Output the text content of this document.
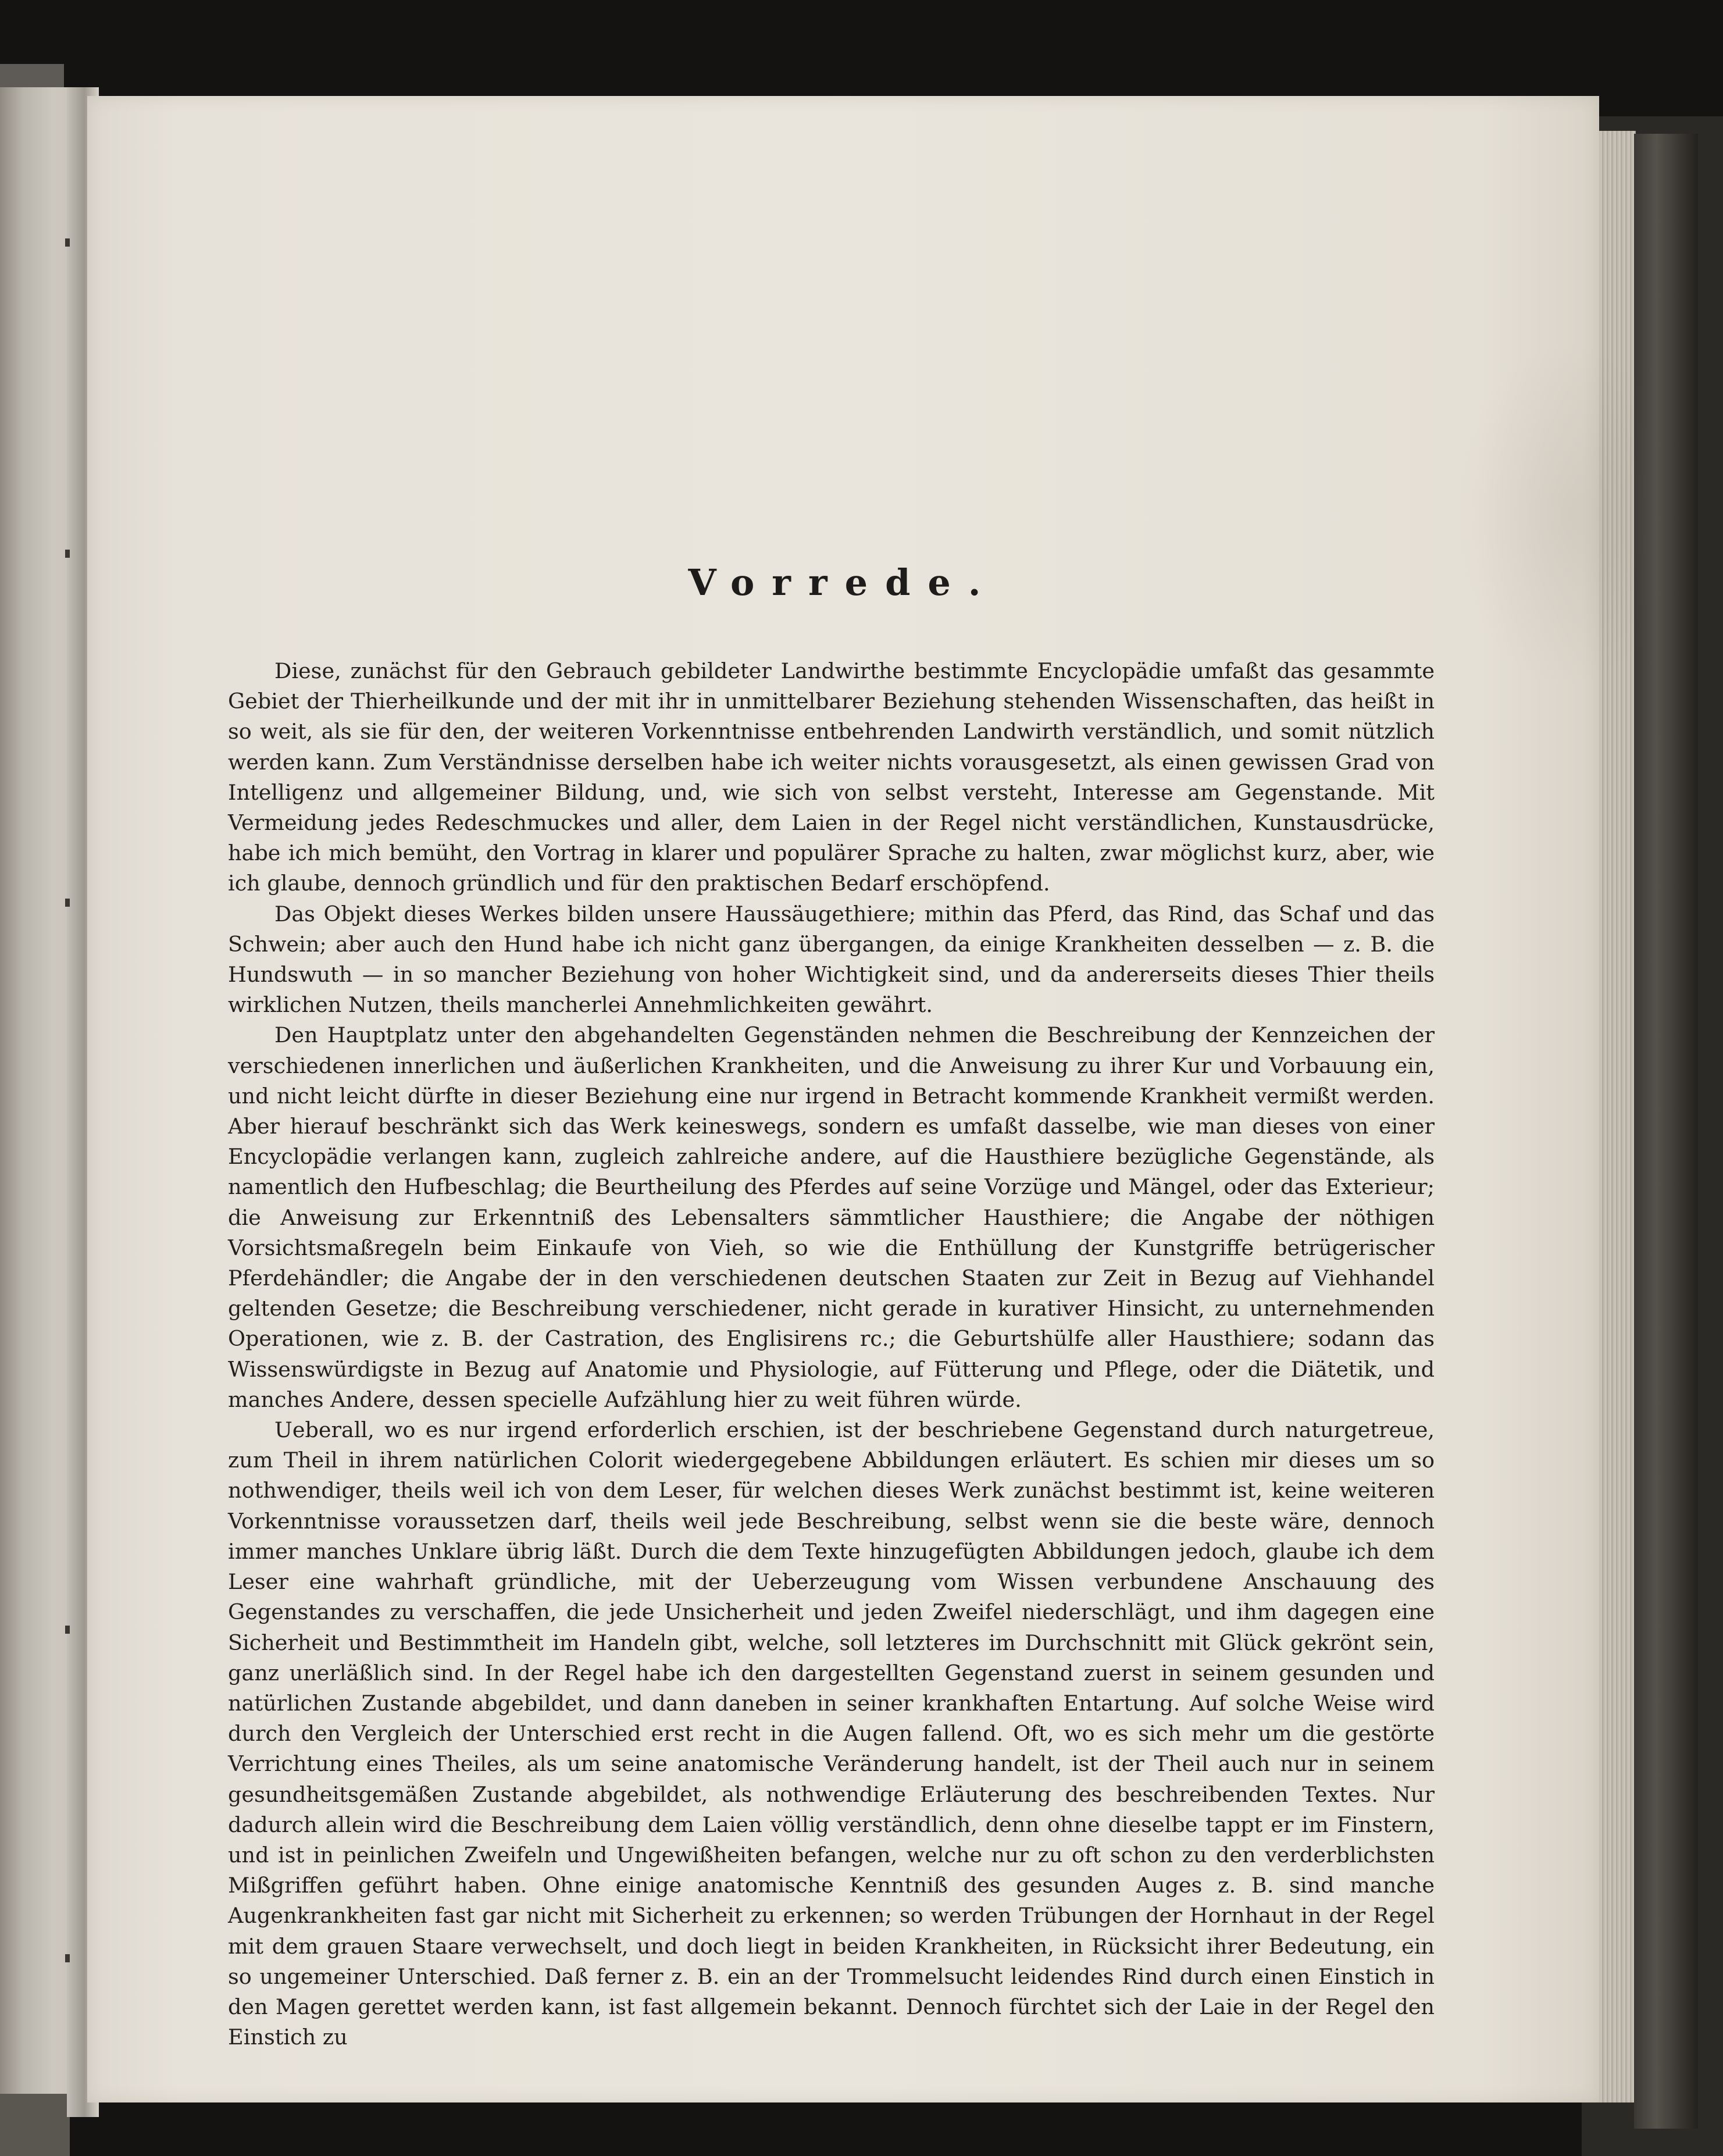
Vorrede.

Diese, zunächst für den Gebrauch gebildeter Landwirthe bestimmte Encyclopädie umfaßt das gesammte Gebiet der Thierheilkunde und der mit ihr in unmittelbarer Beziehung stehenden Wissenschaften, das heißt in so weit, als sie für den, der weiteren Vorkenntnisse entbehrenden Landwirth verständlich, und somit nützlich werden kann. Zum Verständnisse derselben habe ich weiter nichts vorausgesetzt, als einen gewissen Grad von Intelligenz und allgemeiner Bildung, und, wie sich von selbst versteht, Interesse am Gegenstande. Mit Vermeidung jedes Redeschmuckes und aller, dem Laien in der Regel nicht verständlichen, Kunstausdrücke, habe ich mich bemüht, den Vortrag in klarer und populärer Sprache zu halten, zwar möglichst kurz, aber, wie ich glaube, dennoch gründlich und für den praktischen Bedarf erschöpfend.

Das Objekt dieses Werkes bilden unsere Haussäugethiere; mithin das Pferd, das Rind, das Schaf und das Schwein; aber auch den Hund habe ich nicht ganz übergangen, da einige Krankheiten desselben — z. B. die Hundswuth — in so mancher Beziehung von hoher Wichtigkeit sind, und da andererseits dieses Thier theils wirklichen Nutzen, theils mancherlei Annehmlichkeiten gewährt.

Den Hauptplatz unter den abgehandelten Gegenständen nehmen die Beschreibung der Kennzeichen der verschiedenen innerlichen und äußerlichen Krankheiten, und die Anweisung zu ihrer Kur und Vorbauung ein, und nicht leicht dürfte in dieser Beziehung eine nur irgend in Betracht kommende Krankheit vermißt werden. Aber hierauf beschränkt sich das Werk keineswegs, sondern es umfaßt dasselbe, wie man dieses von einer Encyclopädie verlangen kann, zugleich zahlreiche andere, auf die Hausthiere bezügliche Gegenstände, als namentlich den Hufbeschlag; die Beurtheilung des Pferdes auf seine Vorzüge und Mängel, oder das Exterieur; die Anweisung zur Erkenntniß des Lebensalters sämmtlicher Hausthiere; die Angabe der nöthigen Vorsichtsmaßregeln beim Einkaufe von Vieh, so wie die Enthüllung der Kunstgriffe betrügerischer Pferdehändler; die Angabe der in den verschiedenen deutschen Staaten zur Zeit in Bezug auf Viehhandel geltenden Gesetze; die Beschreibung verschiedener, nicht gerade in kurativer Hinsicht, zu unternehmenden Operationen, wie z. B. der Castration, des Englisirens rc.; die Geburtshülfe aller Hausthiere; sodann das Wissenswürdigste in Bezug auf Anatomie und Physiologie, auf Fütterung und Pflege, oder die Diätetik, und manches Andere, dessen specielle Aufzählung hier zu weit führen würde.

Ueberall, wo es nur irgend erforderlich erschien, ist der beschriebene Gegenstand durch naturgetreue, zum Theil in ihrem natürlichen Colorit wiedergegebene Abbildungen erläutert. Es schien mir dieses um so nothwendiger, theils weil ich von dem Leser, für welchen dieses Werk zunächst bestimmt ist, keine weiteren Vorkenntnisse voraussetzen darf, theils weil jede Beschreibung, selbst wenn sie die beste wäre, dennoch immer manches Unklare übrig läßt. Durch die dem Texte hinzugefügten Abbildungen jedoch, glaube ich dem Leser eine wahrhaft gründliche, mit der Ueberzeugung vom Wissen verbundene Anschauung des Gegenstandes zu verschaffen, die jede Unsicherheit und jeden Zweifel niederschlägt, und ihm dagegen eine Sicherheit und Bestimmtheit im Handeln gibt, welche, soll letzteres im Durchschnitt mit Glück gekrönt sein, ganz unerläßlich sind. In der Regel habe ich den dargestellten Gegenstand zuerst in seinem gesunden und natürlichen Zustande abgebildet, und dann daneben in seiner krankhaften Entartung. Auf solche Weise wird durch den Vergleich der Unterschied erst recht in die Augen fallend. Oft, wo es sich mehr um die gestörte Verrichtung eines Theiles, als um seine anatomische Veränderung handelt, ist der Theil auch nur in seinem gesundheitsgemäßen Zustande abgebildet, als nothwendige Erläuterung des beschreibenden Textes. Nur dadurch allein wird die Beschreibung dem Laien völlig verständlich, denn ohne dieselbe tappt er im Finstern, und ist in peinlichen Zweifeln und Ungewißheiten befangen, welche nur zu oft schon zu den verderblichsten Mißgriffen geführt haben. Ohne einige anatomische Kenntniß des gesunden Auges z. B. sind manche Augenkrankheiten fast gar nicht mit Sicherheit zu erkennen; so werden Trübungen der Hornhaut in der Regel mit dem grauen Staare verwechselt, und doch liegt in beiden Krankheiten, in Rücksicht ihrer Bedeutung, ein so ungemeiner Unterschied. Daß ferner z. B. ein an der Trommelsucht leidendes Rind durch einen Einstich in den Magen gerettet werden kann, ist fast allgemein bekannt. Dennoch fürchtet sich der Laie in der Regel den Einstich zu
